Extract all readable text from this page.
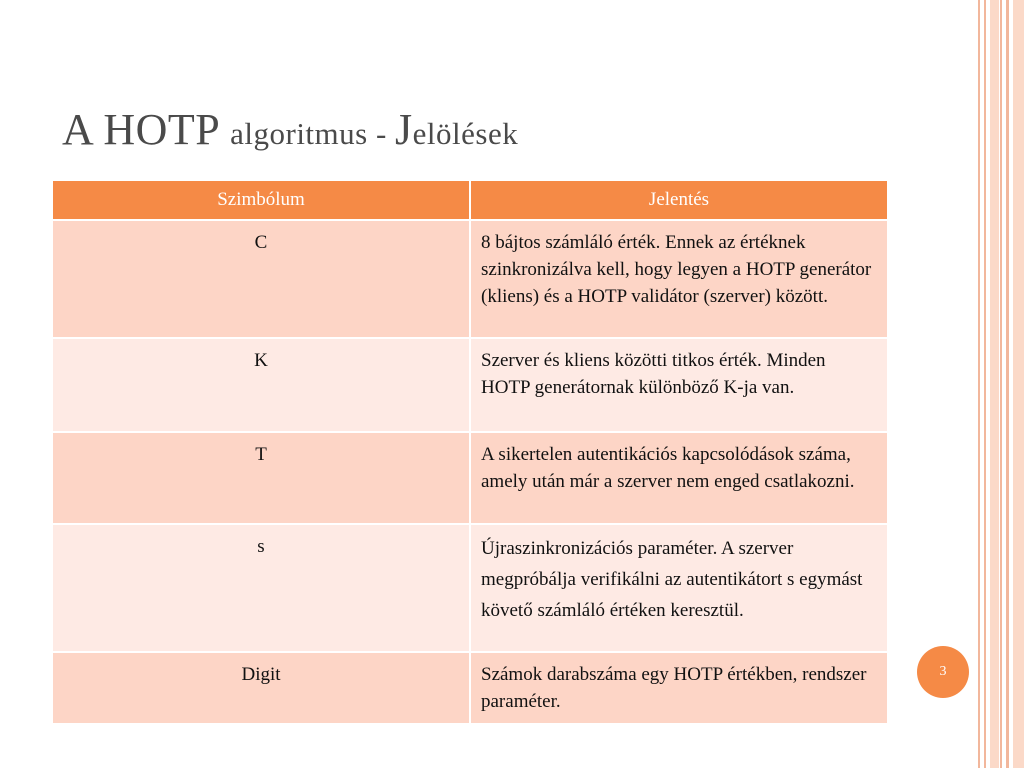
A HOTP algoritmus - Jelölések
Szimbólum	Jelentés
C	8 bájtos számláló érték. Ennek az értéknek szinkronizálva kell, hogy legyen a HOTP generátor (kliens) és a HOTP validátor (szerver) között.
K	Szerver és kliens közötti titkos érték. Minden HOTP generátornak különböző K-ja van.
T	A sikertelen autentikációs kapcsolódások száma, amely után már a szerver nem enged csatlakozni.
s	Újraszinkronizációs paraméter. A szerver megpróbálja verifikálni az autentikátort s egymást követő számláló értéken keresztül.
Digit	Számok darabszáma egy HOTP értékben, rendszer paraméter.
3
